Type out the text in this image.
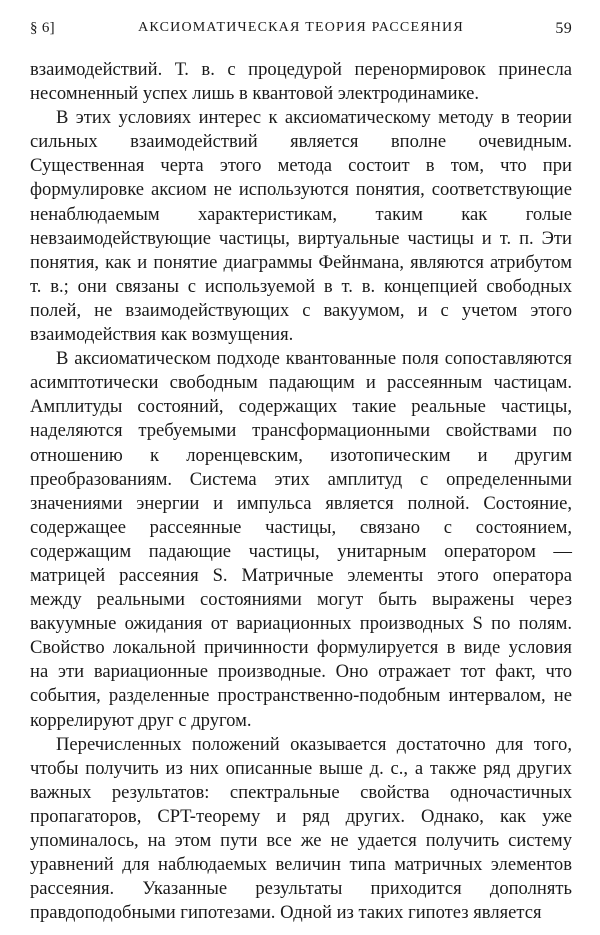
§ 6]	АКСИОМАТИЧЕСКАЯ ТЕОРИЯ РАССЕЯНИЯ	59

взаимодействий. Т. в. с процедурой перенормировок принесла несомненный успех лишь в квантовой электродинамике.

В этих условиях интерес к аксиоматическому методу в теории сильных взаимодействий является вполне очевидным. Существенная черта этого метода состоит в том, что при формулировке аксиом не используются понятия, соответствующие ненаблюдаемым характеристикам, таким как голые невзаимодействующие частицы, виртуальные частицы и т. п. Эти понятия, как и понятие диаграммы Фейнмана, являются атрибутом т. в.; они связаны с используемой в т. в. концепцией свободных полей, не взаимодействующих с вакуумом, и с учетом этого взаимодействия как возмущения.

В аксиоматическом подходе квантованные поля сопоставляются асимптотически свободным падающим и рассеянным частицам. Амплитуды состояний, содержащих такие реальные частицы, наделяются требуемыми трансформационными свойствами по отношению к лоренцевским, изотопическим и другим преобразованиям. Система этих амплитуд с определенными значениями энергии и импульса является полной. Состояние, содержащее рассеянные частицы, связано с состоянием, содержащим падающие частицы, унитарным оператором — матрицей рассеяния S. Матричные элементы этого оператора между реальными состояниями могут быть выражены через вакуумные ожидания от вариационных производных S по полям. Свойство локальной причинности формулируется в виде условия на эти вариационные производные. Оно отражает тот факт, что события, разделенные пространственно-подобным интервалом, не коррелируют друг с другом.

Перечисленных положений оказывается достаточно для того, чтобы получить из них описанные выше д. с., а также ряд других важных результатов: спектральные свойства одночастичных пропагаторов, CPT-теорему и ряд других. Однако, как уже упоминалось, на этом пути все же не удается получить систему уравнений для наблюдаемых величин типа матричных элементов рассеяния. Указанные результаты приходится дополнять правдоподобными гипотезами. Одной из таких гипотез является
